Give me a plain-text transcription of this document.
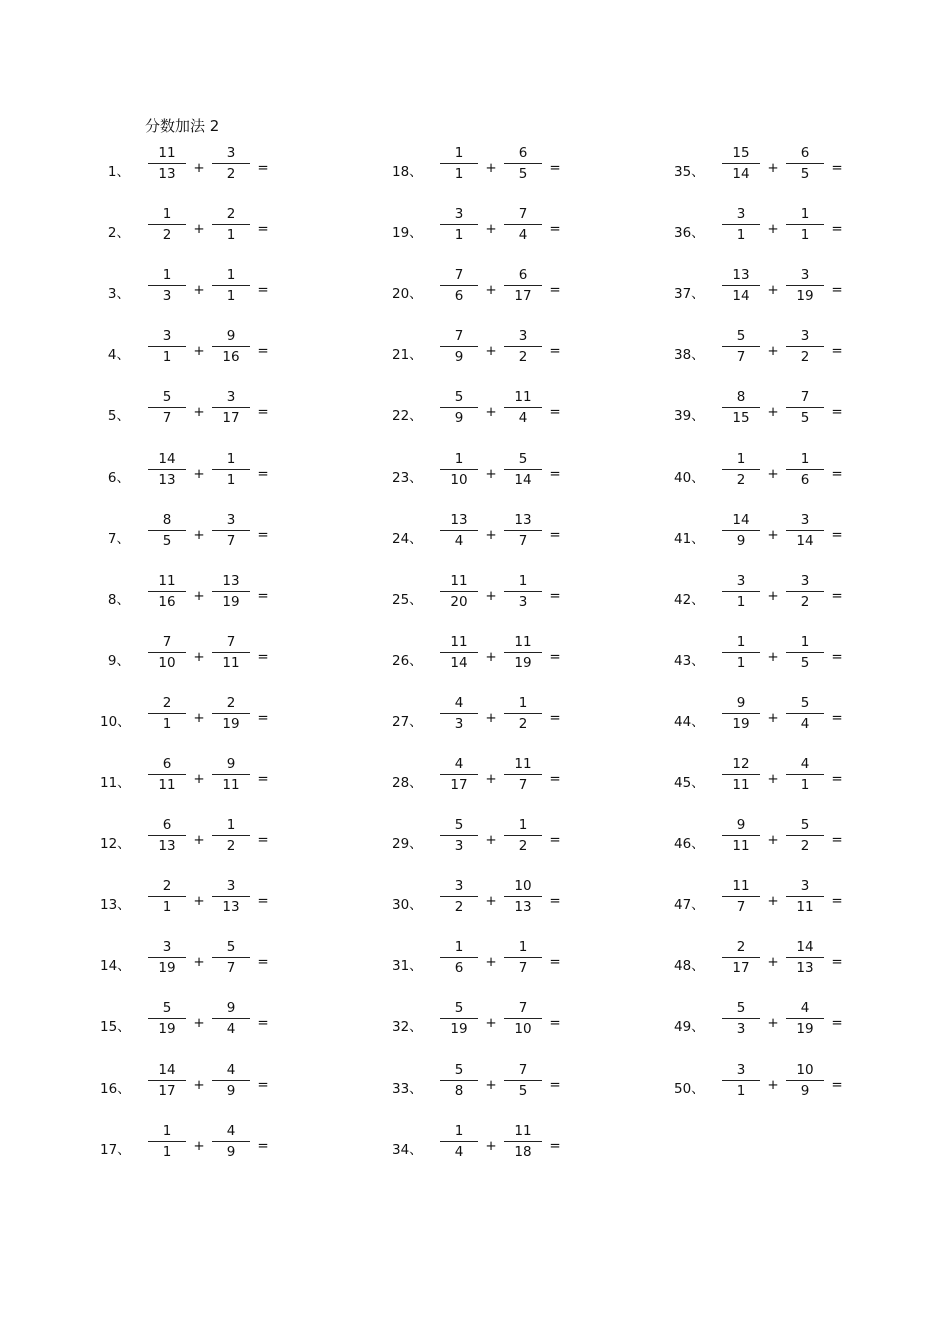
分数加法 2
1、
11
13	+
3
2	=
2、
1
2	+
2
1	=
3、
1
3	+
1
1	=
4、
3
1	+
9
16	=
5、
5
7	+
3
17	=
6、
14
13	+
1
1	=
7、
8
5	+
3
7	=
8、
11
16	+
13
19	=
9、
7
10	+
7
11	=
10、
2
1	+
2
19	=
11、
6
11	+
9
11	=
12、
6
13	+
1
2	=
13、
2
1	+
3
13	=
14、
3
19	+
5
7	=
15、
5
19	+
9
4	=
16、
14
17	+
4
9	=
17、
1
1	+
4
9	=
18、
1
1	+
6
5	=
19、
3
1	+
7
4	=
20、
7
6	+
6
17	=
21、
7
9	+
3
2	=
22、
5
9	+
11
4	=
23、
1
10	+
5
14	=
24、
13
4	+
13
7	=
25、
11
20	+
1
3	=
26、
11
14	+
11
19	=
27、
4
3	+
1
2	=
28、
4
17	+
11
7	=
29、
5
3	+
1
2	=
30、
3
2	+
10
13	=
31、
1
6	+
1
7	=
32、
5
19	+
7
10	=
33、
5
8	+
7
5	=
34、
1
4	+
11
18	=
35、
15
14	+
6
5	=
36、
3
1	+
1
1	=
37、
13
14	+
3
19	=
38、
5
7	+
3
2	=
39、
8
15	+
7
5	=
40、
1
2	+
1
6	=
41、
14
9	+
3
14	=
42、
3
1	+
3
2	=
43、
1
1	+
1
5	=
44、
9
19	+
5
4	=
45、
12
11	+
4
1	=
46、
9
11	+
5
2	=
47、
11
7	+
3
11	=
48、
2
17	+
14
13	=
49、
5
3	+
4
19	=
50、
3
1	+
10
9	=
